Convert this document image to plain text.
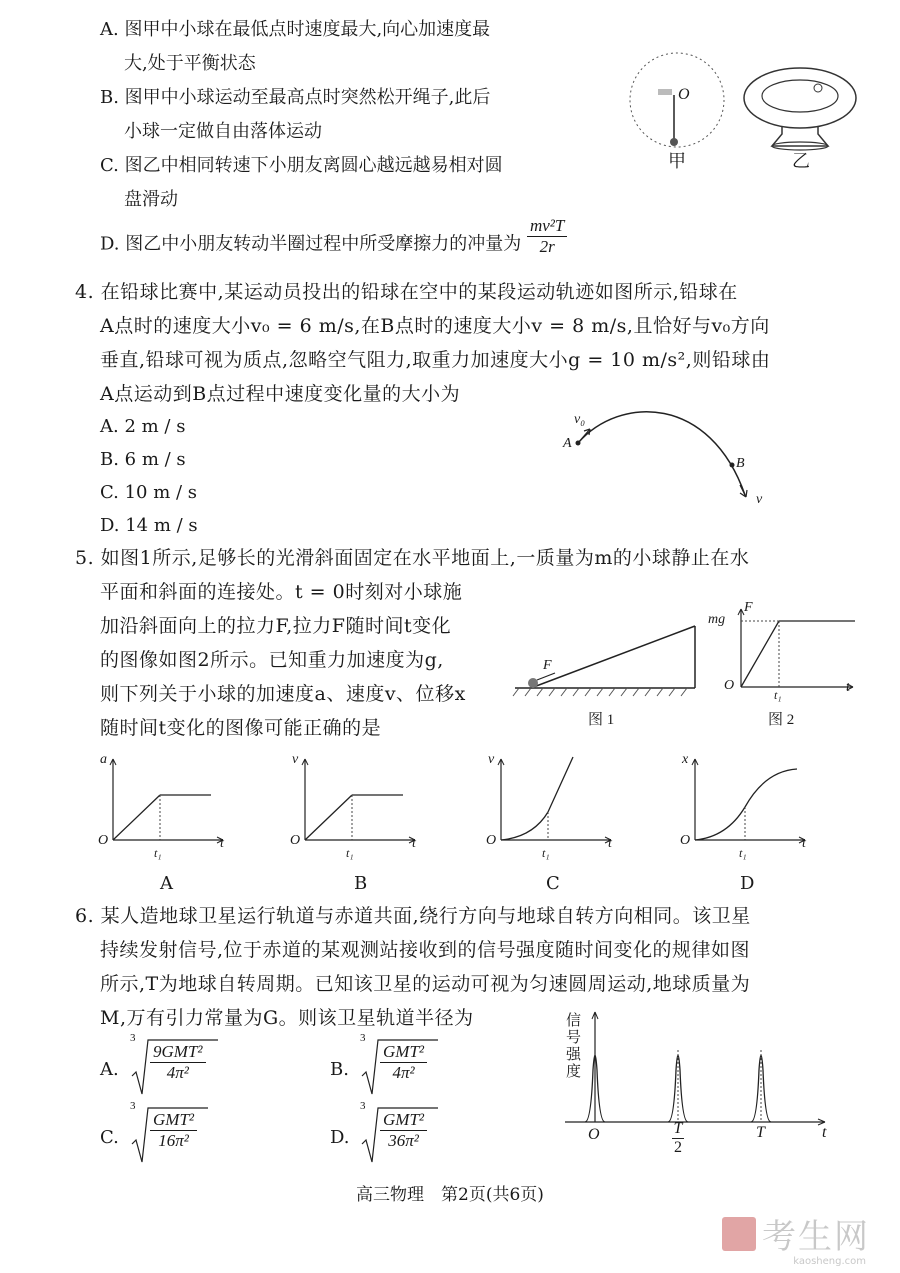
A. 图甲中小球在最低点时速度最大,向心加速度最
大,处于平衡状态
B. 图甲中小球运动至最高点时突然松开绳子,此后
小球一定做自由落体运动
C. 图乙中相同转速下小朋友离圆心越远越易相对圆
盘滑动
D. 图乙中小朋友转动半圈过程中所受摩擦力的冲量为 $\frac{\text{mv²T}}{2r}$
O
甲	乙
4. 在铅球比赛中,某运动员投出的铅球在空中的某段运动轨迹如图所示,铅球在
A点时的速度大小v₀ = 6 m/s,在B点时的速度大小v = 8 m/s,且恰好与v₀方向
垂直,铅球可视为质点,忽略空气阻力,取重力加速度大小g = 10 m/s²,则铅球由
A点运动到B点过程中速度变化量的大小为
A. 2 m / s
B. 6 m / s
C. 10 m / s
D. 14 m / s
v₀
A
B
v
5. 如图1所示,足够长的光滑斜面固定在水平地面上,一质量为m的小球静止在水
平面和斜面的连接处。t = 0时刻对小球施
加沿斜面向上的拉力F,拉力F随时间t变化
的图像如图2所示。已知重力加速度为g,
则下列关于小球的加速度a、速度v、位移x
随时间t变化的图像可能正确的是
F
图 1
F
mg
O
t₁	t
图 2
a
O
t₁
t
A
v
O
t₁
t
B
v
O
t₁
t
C
x
O
t₁
t
D
6. 某人造地球卫星运行轨道与赤道共面,绕行方向与地球自转方向相同。该卫星
持续发射信号,位于赤道的某观测站接收到的信号强度随时间变化的规律如图
所示,T为地球自转周期。已知该卫星的运动可视为匀速圆周运动,地球质量为
M,万有引力常量为G。则该卫星轨道半径为
A.
3
9GMT²
4π²	B.
3
GMT²
4π²
C.
3
GMT²
16π²	D.
3
GMT²
36π²
信号强度
O	$\frac{T}{2}$	T	t
高三物理　第2页(共6页)
考生网
kaosheng.com
